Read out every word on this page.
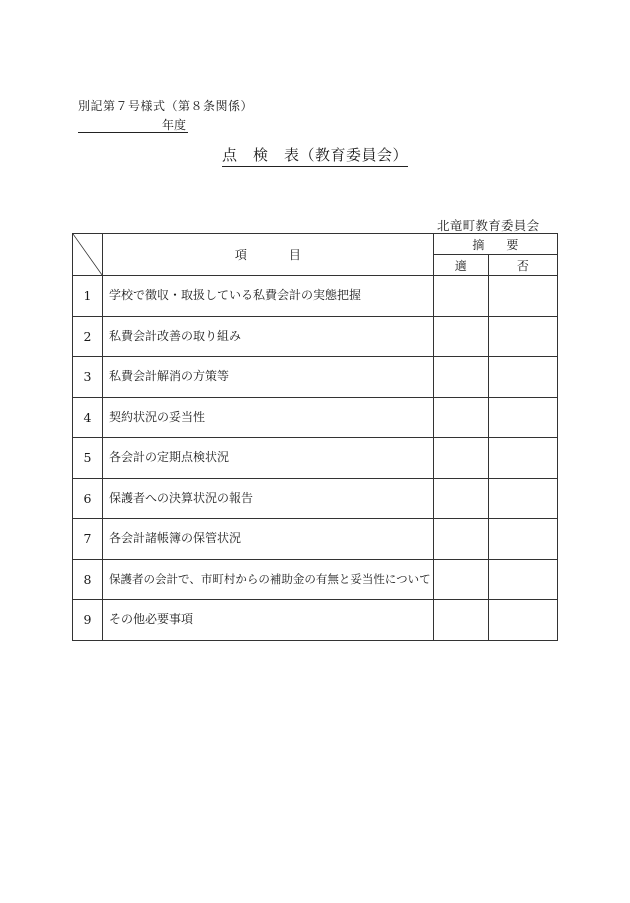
別記第７号様式（第８条関係）
年度
点　検　表（教育委員会）
北竜町教育委員会
	項 目	摘 要	
		適	否
1	学校で徴収・取扱している私費会計の実態把握		
2	私費会計改善の取り組み		
3	私費会計解消の方策等		
4	契約状況の妥当性		
5	各会計の定期点検状況		
6	保護者への決算状況の報告		
7	各会計諸帳簿の保管状況		
8	保護者の会計で、市町村からの補助金の有無と妥当性について		
9	その他必要事項		
